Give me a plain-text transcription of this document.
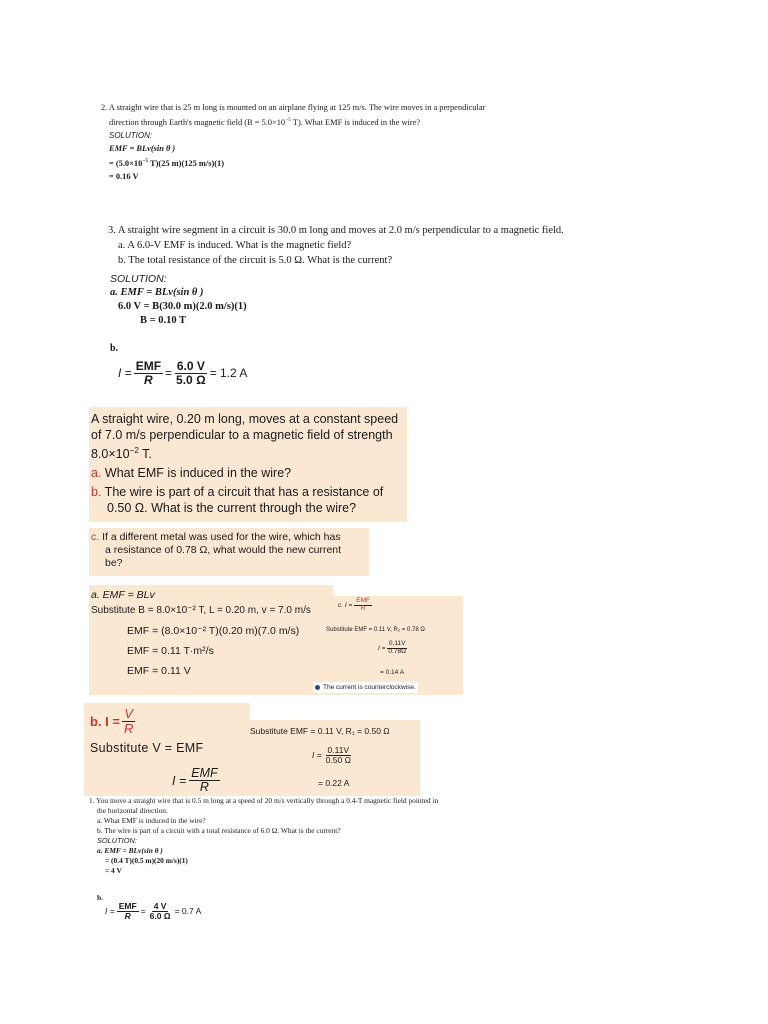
2. A straight wire that is 25 m long is mounted on an airplane flying at 125 m/s. The wire moves in a perpendicular
direction through Earth's magnetic field ($B = 5.0\times 10^{-5}$ T). What EMF is induced in the wire?
SOLUTION:
EMF = BLv(sin θ )
= ($5.0\times 10^{-5}$ T)(25 m)(125 m/s)(1)
= 0.16 V
3. A straight wire segment in a circuit is 30.0 m long and moves at 2.0 m/s perpendicular to a magnetic field.
a. A 6.0-V EMF is induced. What is the magnetic field?
b. The total resistance of the circuit is 5.0 Ω. What is the current?
SOLUTION:
a. EMF = BLv(sin θ )
6.0 V = B(30.0 m)(2.0 m/s)(1)
B = 0.10 T
b.
$I = \frac{\text{EMF}}{R} = \frac{6.0 V}{5.0 \Omega} = 1.2$ A
A straight wire, 0.20 m long, moves at a constant speed
of 7.0 m/s perpendicular to a magnetic field of strength
$8.0\times 10^{-2}$ T.
a. What EMF is induced in the wire?
b. The wire is part of a circuit that has a resistance of
0.50 Ω. What is the current through the wire?
c. If a different metal was used for the wire, which has
a resistance of 0.78 Ω, what would the new current
be?
a. EMF = BLv
Substitute B = 8.0×10⁻² T, L = 0.20 m, v = 7.0 m/s
EMF = (8.0×10⁻² T)(0.20 m)(7.0 m/s)
EMF = 0.11 T·m²/s
EMF = 0.11 V
c. $I = \frac{\text{EMF}}{R}$
Substitute EMF = 0.11 V, R₂ = 0.78 Ω
$I = \frac{0.11V}{0.78\Omega}$
= 0.14 A
The current is counterclockwise.
b. $I = \frac{V}{R}$
Substitute V = EMF
$I = \frac{\text{EMF}}{R}$
Substitute EMF = 0.11 V, R₁ = 0.50 Ω
$I = \frac{0.11V}{0.50 \Omega}$
= 0.22 A
1. You move a straight wire that is 0.5 m long at a speed of 20 m/s vertically through a 0.4-T magnetic field pointed in
the horizontal direction.
a. What EMF is induced in the wire?
b. The wire is part of a circuit with a total resistance of 6.0 Ω. What is the current?
SOLUTION:
a. EMF = BLv(sin θ )
= (0.4 T)(0.5 m)(20 m/s)(1)
= 4 V
b.
$I = \frac{\text{EMF}}{R} = \frac{4 V}{6.0 \Omega} = 0.7$ A
